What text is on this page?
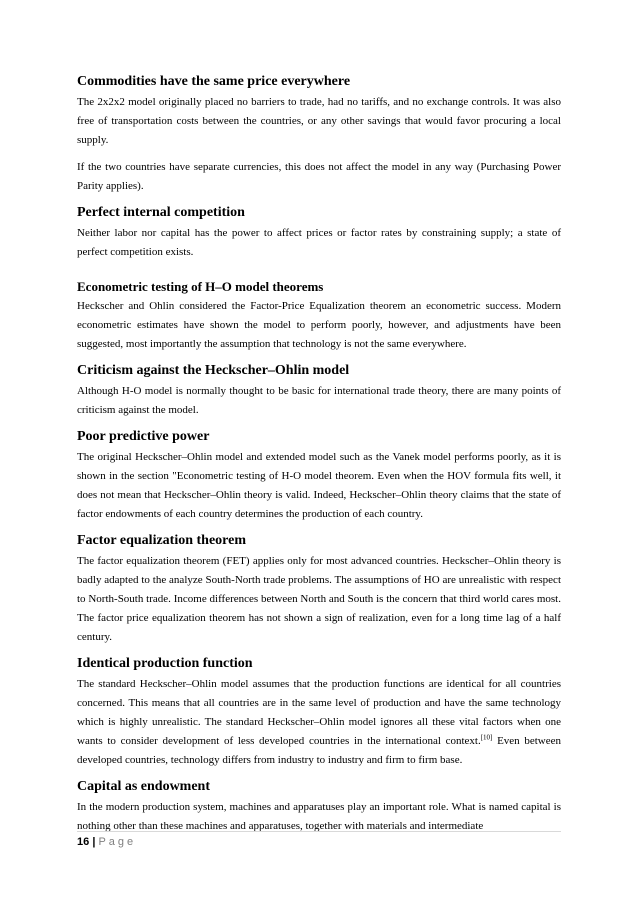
Commodities have the same price everywhere

The 2x2x2 model originally placed no barriers to trade, had no tariffs, and no exchange controls. It was also free of transportation costs between the countries, or any other savings that would favor procuring a local supply.

If the two countries have separate currencies, this does not affect the model in any way (Purchasing Power Parity applies).

Perfect internal competition

Neither labor nor capital has the power to affect prices or factor rates by constraining supply; a state of perfect competition exists.

Econometric testing of H–O model theorems

Heckscher and Ohlin considered the Factor-Price Equalization theorem an econometric success. Modern econometric estimates have shown the model to perform poorly, however, and adjustments have been suggested, most importantly the assumption that technology is not the same everywhere.

Criticism against the Heckscher–Ohlin model

Although H-O model is normally thought to be basic for international trade theory, there are many points of criticism against the model.

Poor predictive power

The original Heckscher–Ohlin model and extended model such as the Vanek model performs poorly, as it is shown in the section "Econometric testing of H-O model theorem. Even when the HOV formula fits well, it does not mean that Heckscher–Ohlin theory is valid. Indeed, Heckscher–Ohlin theory claims that the state of factor endowments of each country determines the production of each country.

Factor equalization theorem

The factor equalization theorem (FET) applies only for most advanced countries. Heckscher–Ohlin theory is badly adapted to the analyze South-North trade problems. The assumptions of HO are unrealistic with respect to North-South trade. Income differences between North and South is the concern that third world cares most. The factor price equalization theorem has not shown a sign of realization, even for a long time lag of a half century.

Identical production function

The standard Heckscher–Ohlin model assumes that the production functions are identical for all countries concerned. This means that all countries are in the same level of production and have the same technology which is highly unrealistic. The standard Heckscher–Ohlin model ignores all these vital factors when one wants to consider development of less developed countries in the international context.[10] Even between developed countries, technology differs from industry to industry and firm to firm base.

Capital as endowment

In the modern production system, machines and apparatuses play an important role. What is named capital is nothing other than these machines and apparatuses, together with materials and intermediate

16 | Page
